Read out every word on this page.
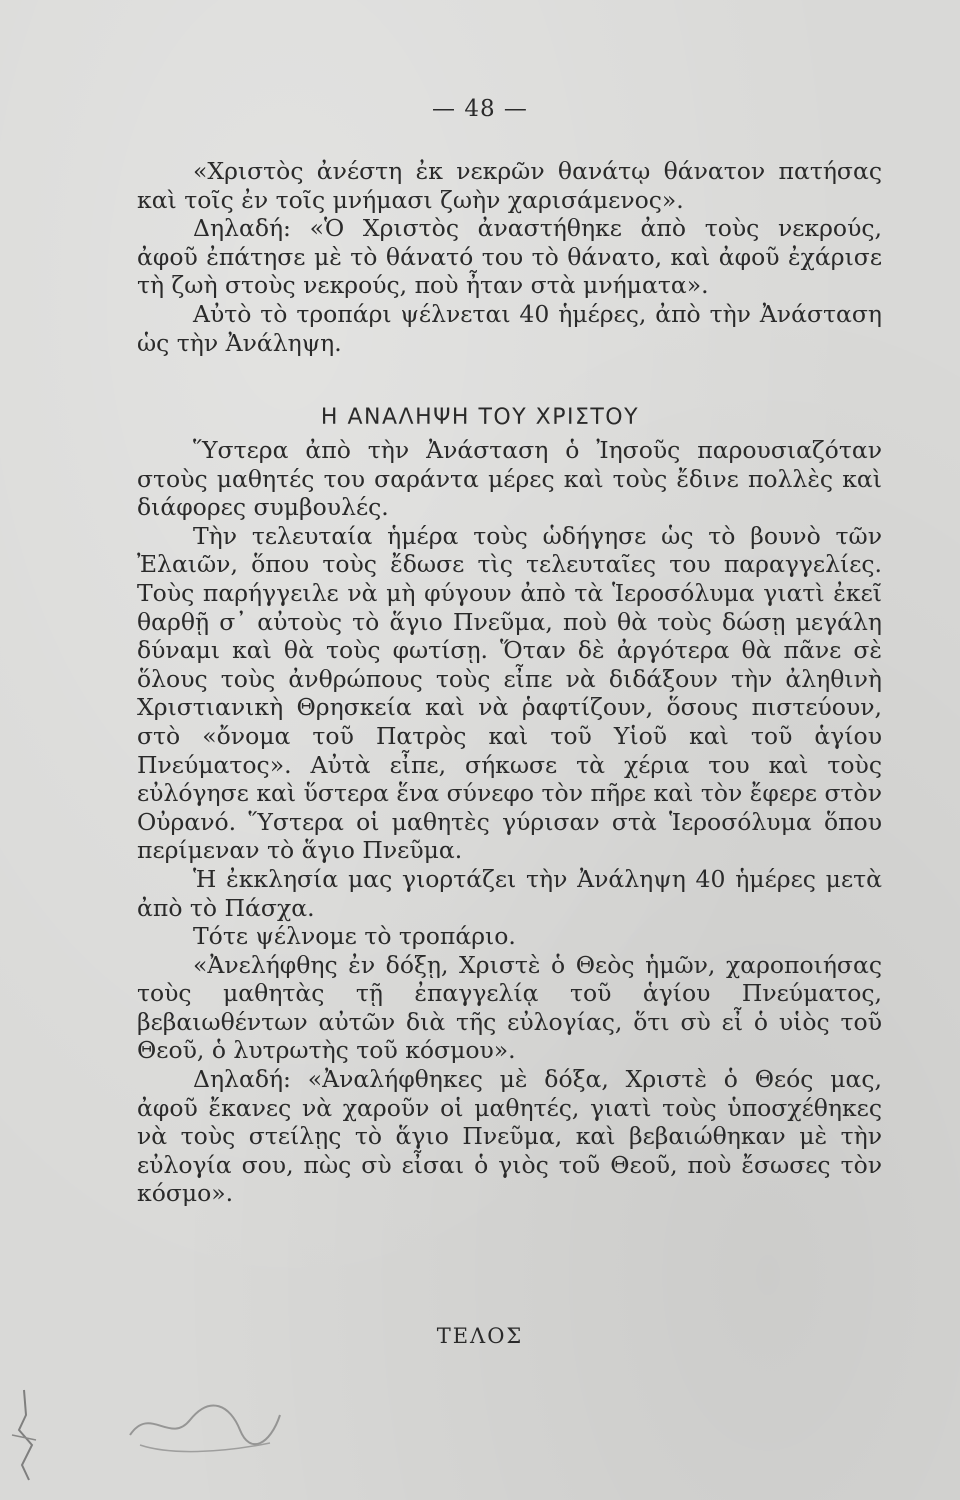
— 48 —

«Χριστὸς ἀνέστη ἐκ νεκρῶν θανάτῳ θάνατον πατήσας καὶ τοῖς ἐν τοῖς μνήμασι ζωὴν χαρισάμενος».

Δηλαδή: «Ὁ Χριστὸς ἀναστήθηκε ἀπὸ τοὺς νεκρούς, ἀφοῦ ἐπάτησε μὲ τὸ θάνατό του τὸ θάνατο, καὶ ἀφοῦ ἐχάρισε τὴ ζωὴ στοὺς νεκρούς, ποὺ ἦταν στὰ μνήματα».

Αὐτὸ τὸ τροπάρι ψέλνεται 40 ἡμέρες, ἀπὸ τὴν Ἀνάσταση ὡς τὴν Ἀνάληψη.

Η ΑΝΑΛΗΨΗ ΤΟΥ ΧΡΙΣΤΟΥ

Ὕστερα ἀπὸ τὴν Ἀνάσταση ὁ Ἰησοῦς παρουσιαζόταν στοὺς μαθητές του σαράντα μέρες καὶ τοὺς ἔδινε πολλὲς καὶ διάφορες συμβουλές.

Τὴν τελευταία ἡμέρα τοὺς ὡδήγησε ὡς τὸ βουνὸ τῶν Ἐλαιῶν, ὅπου τοὺς ἔδωσε τὶς τελευταῖες του παραγγελίες. Τοὺς παρήγγειλε νὰ μὴ φύγουν ἀπὸ τὰ Ἱεροσόλυμα γιατὶ ἐκεῖ θαρθῇ σ᾽ αὐτοὺς τὸ ἅγιο Πνεῦμα, ποὺ θὰ τοὺς δώσῃ μεγάλη δύναμι καὶ θὰ τοὺς φωτίσῃ. Ὅταν δὲ ἀργότερα θὰ πᾶνε σὲ ὅλους τοὺς ἀνθρώπους τοὺς εἶπε νὰ διδάξουν τὴν ἀληθινὴ Χριστιανικὴ Θρησκεία καὶ νὰ ῥαφτίζουν, ὅσους πιστεύουν, στὸ «ὄνομα τοῦ Πατρὸς καὶ τοῦ Υἱοῦ καὶ τοῦ ἁγίου Πνεύματος». Αὐτὰ εἶπε, σήκωσε τὰ χέρια του καὶ τοὺς εὐλόγησε καὶ ὕστερα ἕνα σύνεφο τὸν πῆρε καὶ τὸν ἔφερε στὸν Οὐρανό. Ὕστερα οἱ μαθητὲς γύρισαν στὰ Ἱεροσόλυμα ὅπου περίμεναν τὸ ἅγιο Πνεῦμα.

Ἡ ἐκκλησία μας γιορτάζει τὴν Ἀνάληψη 40 ἡμέρες μετὰ ἀπὸ τὸ Πάσχα.

Τότε ψέλνομε τὸ τροπάριο.

«Ἀνελήφθης ἐν δόξῃ, Χριστὲ ὁ Θεὸς ἡμῶν, χαροποιήσας τοὺς μαθητὰς τῇ ἐπαγγελίᾳ τοῦ ἁγίου Πνεύματος, βεβαιωθέντων αὐτῶν διὰ τῆς εὐλογίας, ὅτι σὺ εἶ ὁ υἱὸς τοῦ Θεοῦ, ὁ λυτρωτὴς τοῦ κόσμου».

Δηλαδή: «Ἀναλήφθηκες μὲ δόξα, Χριστὲ ὁ Θεός μας, ἀφοῦ ἔκανες νὰ χαροῦν οἱ μαθητές, γιατὶ τοὺς ὑποσχέθηκες νὰ τοὺς στείλῃς τὸ ἅγιο Πνεῦμα, καὶ βεβαιώθηκαν μὲ τὴν εὐλογία σου, πὼς σὺ εἶσαι ὁ γιὸς τοῦ Θεοῦ, ποὺ ἔσωσες τὸν κόσμο».

ΤΕΛΟΣ
